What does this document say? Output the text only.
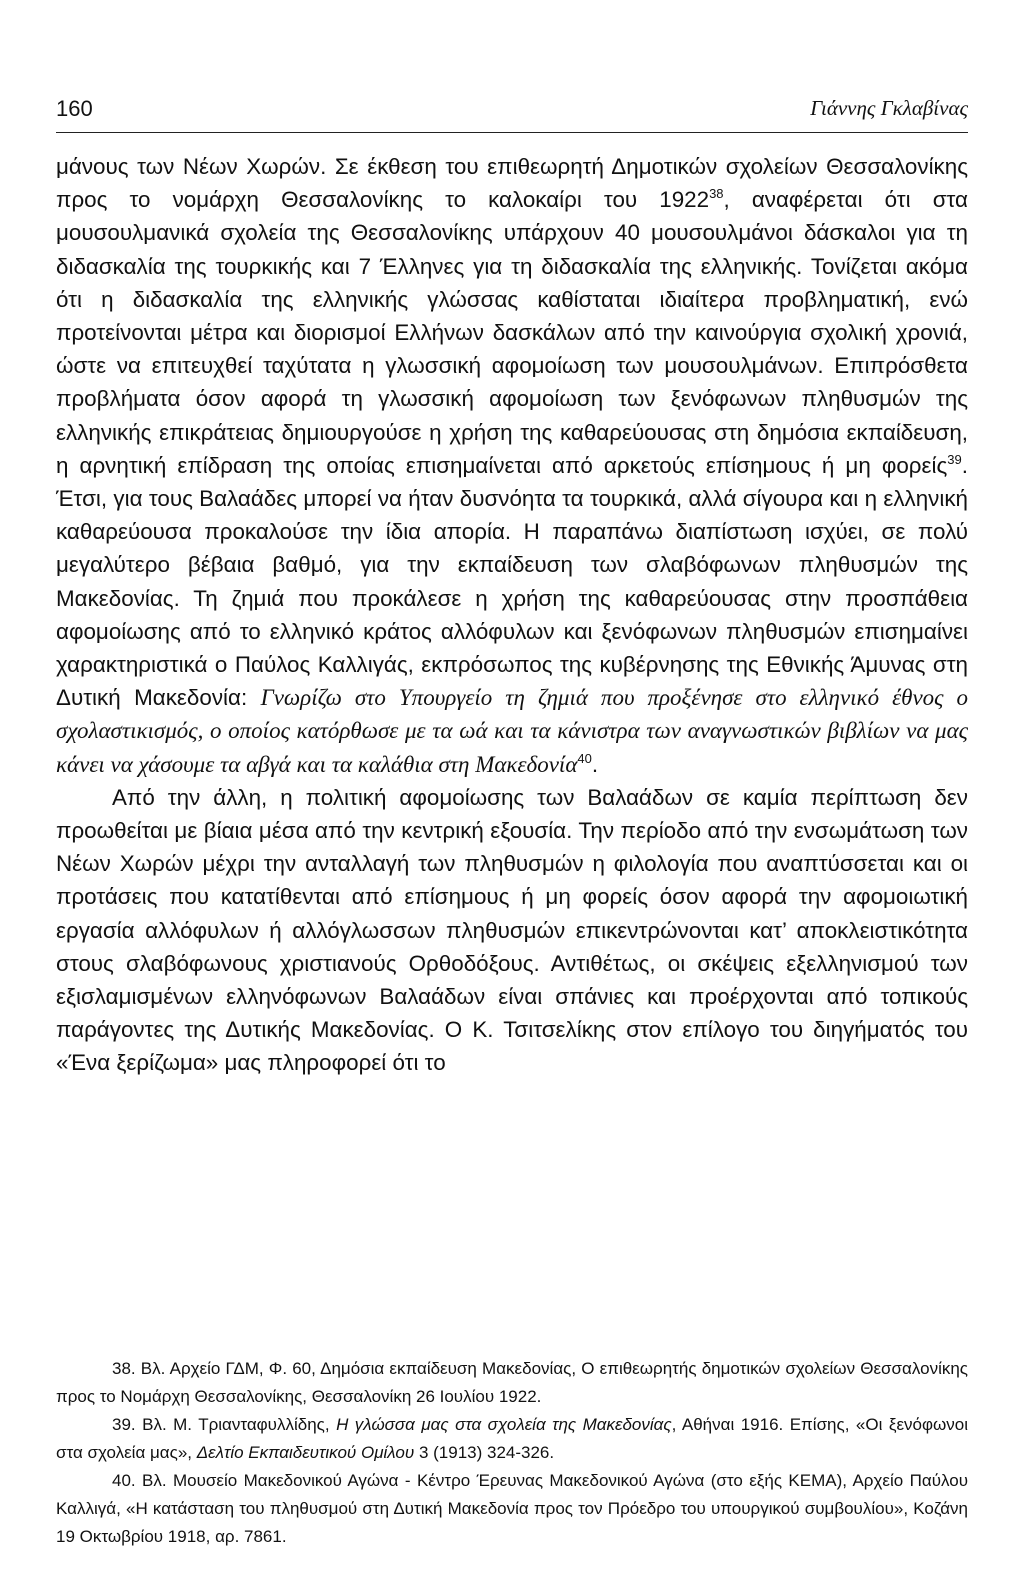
160	Γιάννης Γκλαβίνας

μάνους των Νέων Χωρών. Σε έκθεση του επιθεωρητή Δημοτικών σχολείων Θεσσαλονίκης προς το νομάρχη Θεσσαλονίκης το καλοκαίρι του 1922$^{38}$, αναφέρεται ότι στα μουσουλμανικά σχολεία της Θεσσαλονίκης υπάρχουν 40 μουσουλμάνοι δάσκαλοι για τη διδασκαλία της τουρκικής και 7 Έλληνες για τη διδασκαλία της ελληνικής. Τονίζεται ακόμα ότι η διδασκαλία της ελληνικής γλώσσας καθίσταται ιδιαίτερα προβληματική, ενώ προτείνονται μέτρα και διορισμοί Ελλήνων δασκάλων από την καινούργια σχολική χρονιά, ώστε να επιτευχθεί ταχύτατα η γλωσσική αφομοίωση των μουσουλμάνων. Επιπρόσθετα προβλήματα όσον αφορά τη γλωσσική αφομοίωση των ξενόφωνων πληθυσμών της ελληνικής επικράτειας δημιουργούσε η χρήση της καθαρεύουσας στη δημόσια εκπαίδευση, η αρνητική επίδραση της οποίας επισημαίνεται από αρκετούς επίσημους ή μη φορείς$^{39}$. Έτσι, για τους Βαλαάδες μπορεί να ήταν δυσνόητα τα τουρκικά, αλλά σίγουρα και η ελληνική καθαρεύουσα προκαλούσε την ίδια απορία. Η παραπάνω διαπίστωση ισχύει, σε πολύ μεγαλύτερο βέβαια βαθμό, για την εκπαίδευση των σλαβόφωνων πληθυσμών της Μακεδονίας. Τη ζημιά που προκάλεσε η χρήση της καθαρεύουσας στην προσπάθεια αφομοίωσης από το ελληνικό κράτος αλλόφυλων και ξενόφωνων πληθυσμών επισημαίνει χαρακτηριστικά ο Παύλος Καλλιγάς, εκπρόσωπος της κυβέρνησης της Εθνικής Άμυνας στη Δυτική Μακεδονία: Γνωρίζω στο Υπουργείο τη ζημιά που προξένησε στο ελληνικό έθνος ο σχολαστικισμός, ο οποίος κατόρθωσε με τα ωά και τα κάνιστρα των αναγνωστικών βιβλίων να μας κάνει να χάσουμε τα αβγά και τα καλάθια στη Μακεδονία$^{40}$.

Από την άλλη, η πολιτική αφομοίωσης των Βαλαάδων σε καμία περίπτωση δεν προωθείται με βίαια μέσα από την κεντρική εξουσία. Την περίοδο από την ενσωμάτωση των Νέων Χωρών μέχρι την ανταλλαγή των πληθυσμών η φιλολογία που αναπτύσσεται και οι προτάσεις που κατατίθενται από επίσημους ή μη φορείς όσον αφορά την αφομοιωτική εργασία αλλόφυλων ή αλλόγλωσσων πληθυσμών επικεντρώνονται κατ’ αποκλειστικότητα στους σλαβόφωνους χριστιανούς Ορθοδόξους. Αντιθέτως, οι σκέψεις εξελληνισμού των εξισλαμισμένων ελληνόφωνων Βαλαάδων είναι σπάνιες και προέρχονται από τοπικούς παράγοντες της Δυτικής Μακεδονίας. Ο Κ. Τσιτσελίκης στον επίλογο του διηγήματός του «Ένα ξερίζωμα» μας πληροφορεί ότι το

38. Βλ. Αρχείο ΓΔΜ, Φ. 60, Δημόσια εκπαίδευση Μακεδονίας, Ο επιθεωρητής δημοτικών σχολείων Θεσσαλονίκης προς το Νομάρχη Θεσσαλονίκης, Θεσσαλονίκη 26 Ιουλίου 1922.

39. Βλ. Μ. Τριανταφυλλίδης, Η γλώσσα μας στα σχολεία της Μακεδονίας, Αθήναι 1916. Επίσης, «Οι ξενόφωνοι στα σχολεία μας», Δελτίο Εκπαιδευτικού Ομίλου 3 (1913) 324-326.

40. Βλ. Μουσείο Μακεδονικού Αγώνα - Κέντρο Έρευνας Μακεδονικού Αγώνα (στο εξής ΚΕΜΑ), Αρχείο Παύλου Καλλιγά, «Η κατάσταση του πληθυσμού στη Δυτική Μακεδονία προς τον Πρόεδρο του υπουργικού συμβουλίου», Κοζάνη 19 Οκτωβρίου 1918, αρ. 7861.
